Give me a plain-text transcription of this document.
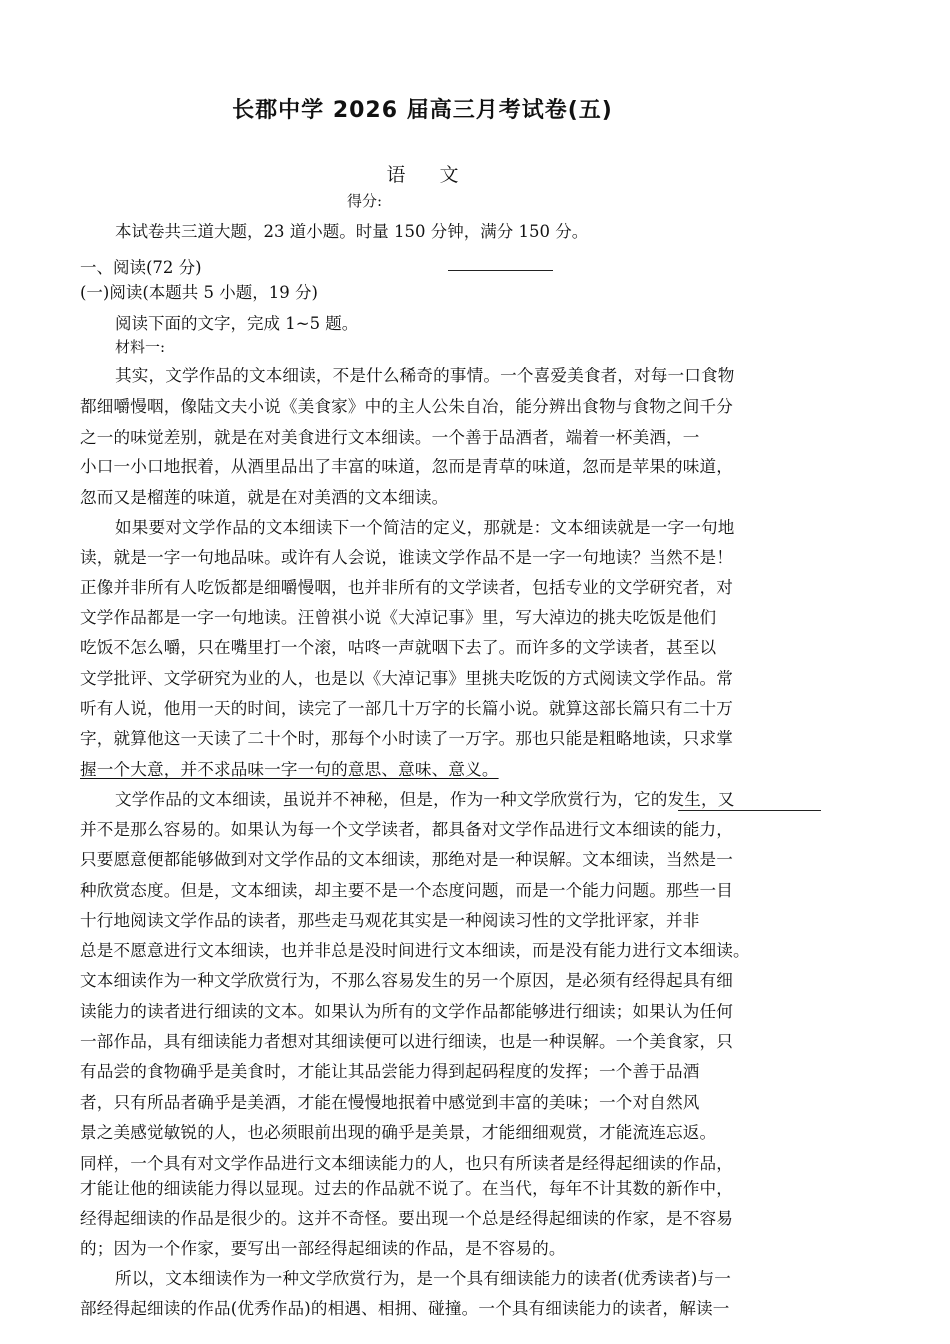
长郡中学 2026 届高三月考试卷(五)
语 文
得分:
本试卷共三道大题，23 道小题。时量 150 分钟，满分 150 分。
一、阅读(72 分)
(一)阅读(本题共 5 小题，19 分)
阅读下面的文字，完成 1~5 题。
材料一:
其实，文学作品的文本细读，不是什么稀奇的事情。一个喜爱美食者，对每一口食物
都细嚼慢咽，像陆文夫小说《美食家》中的主人公朱自冶，能分辨出食物与食物之间千分
之一的味觉差别，就是在对美食进行文本细读。一个善于品酒者，端着一杯美酒，一
小口一小口地抿着，从酒里品出了丰富的味道，忽而是青草的味道，忽而是苹果的味道，
忽而又是榴莲的味道，就是在对美酒的文本细读。
如果要对文学作品的文本细读下一个简洁的定义，那就是：文本细读就是一字一句地
读，就是一字一句地品味。或许有人会说，谁读文学作品不是一字一句地读？当然不是！
正像并非所有人吃饭都是细嚼慢咽，也并非所有的文学读者，包括专业的文学研究者，对
文学作品都是一字一句地读。汪曾祺小说《大淖记事》里，写大淖边的挑夫吃饭是他们
吃饭不怎么嚼，只在嘴里打一个滚，咕咚一声就咽下去了。而许多的文学读者，甚至以
文学批评、文学研究为业的人，也是以《大淖记事》里挑夫吃饭的方式阅读文学作品。常
听有人说，他用一天的时间，读完了一部几十万字的长篇小说。就算这部长篇只有二十万
字，就算他这一天读了二十个时，那每个小时读了一万字。那也只能是粗略地读，只求掌
握一个大意，并不求品味一字一句的意思、意味、意义。
文学作品的文本细读，虽说并不神秘，但是，作为一种文学欣赏行为，它的发生，又
并不是那么容易的。如果认为每一个文学读者，都具备对文学作品进行文本细读的能力，
只要愿意便都能够做到对文学作品的文本细读，那绝对是一种误解。文本细读，当然是一
种欣赏态度。但是，文本细读，却主要不是一个态度问题，而是一个能力问题。那些一目
十行地阅读文学作品的读者，那些走马观花其实是一种阅读习性的文学批评家，并非
总是不愿意进行文本细读，也并非总是没时间进行文本细读，而是没有能力进行文本细读。
文本细读作为一种文学欣赏行为，不那么容易发生的另一个原因，是必须有经得起具有细
读能力的读者进行细读的文本。如果认为所有的文学作品都能够进行细读；如果认为任何
一部作品，具有细读能力者想对其细读便可以进行细读，也是一种误解。一个美食家，只
有品尝的食物确乎是美食时，才能让其品尝能力得到起码程度的发挥；一个善于品酒
者，只有所品者确乎是美酒，才能在慢慢地抿着中感觉到丰富的美味；一个对自然风
景之美感觉敏锐的人，也必须眼前出现的确乎是美景，才能细细观赏，才能流连忘返。
同样，一个具有对文学作品进行文本细读能力的人，也只有所读者是经得起细读的作品，
才能让他的细读能力得以显现。过去的作品就不说了。在当代，每年不计其数的新作中，
经得起细读的作品是很少的。这并不奇怪。要出现一个总是经得起细读的作家，是不容易
的；因为一个作家，要写出一部经得起细读的作品，是不容易的。
所以，文本细读作为一种文学欣赏行为，是一个具有细读能力的读者(优秀读者)与一
部经得起细读的作品(优秀作品)的相遇、相拥、碰撞。一个具有细读能力的读者，解读一
